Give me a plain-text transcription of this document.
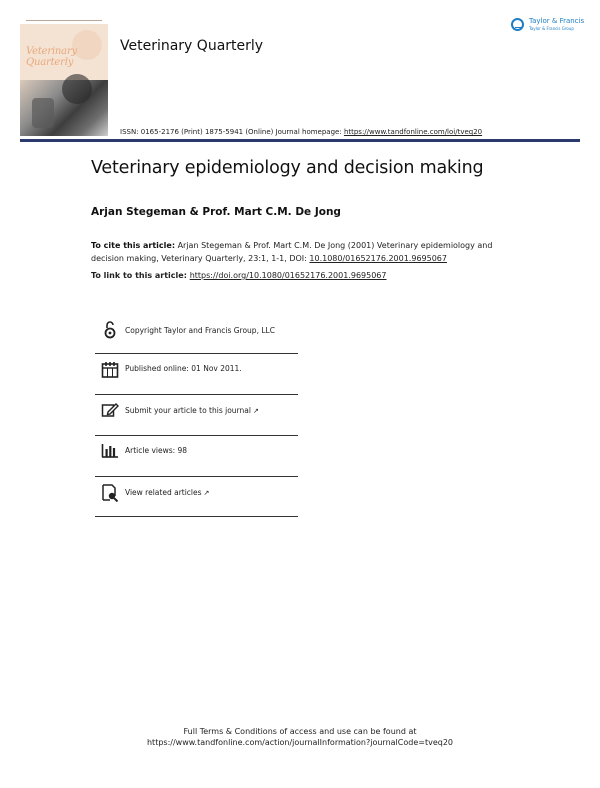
Veterinary
Quarterly
Veterinary Quarterly
Taylor & Francis
Taylor & Francis Group
ISSN: 0165-2176 (Print) 1875-5941 (Online) Journal homepage: https://www.tandfonline.com/loi/tveq20
Veterinary epidemiology and decision making
Arjan Stegeman & Prof. Mart C.M. De Jong
To cite this article: Arjan Stegeman & Prof. Mart C.M. De Jong (2001) Veterinary epidemiology and decision making, Veterinary Quarterly, 23:1, 1-1, DOI: 10.1080/01652176.2001.9695067
To link to this article: https://doi.org/10.1080/01652176.2001.9695067
Copyright Taylor and Francis Group, LLC
Published online: 01 Nov 2011.
Submit your article to this journal ↗
Article views: 98
View related articles ↗
Full Terms & Conditions of access and use can be found at
https://www.tandfonline.com/action/journalInformation?journalCode=tveq20
